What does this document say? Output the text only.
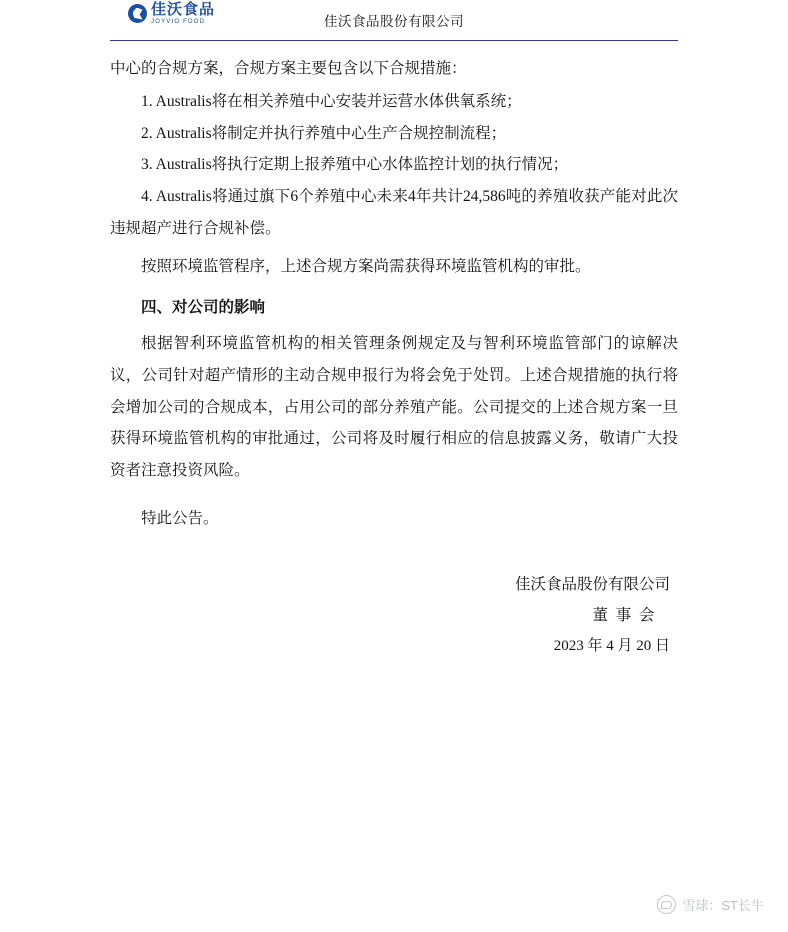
佳沃食品
JOYVIO FOOD	佳沃食品股份有限公司

中心的合规方案，合规方案主要包含以下合规措施：

1. Australis将在相关养殖中心安装并运营水体供氧系统；

2. Australis将制定并执行养殖中心生产合规控制流程；

3. Australis将执行定期上报养殖中心水体监控计划的执行情况；

4. Australis将通过旗下6个养殖中心未来4年共计24,586吨的养殖收获产能对此次违规超产进行合规补偿。

按照环境监管程序，上述合规方案尚需获得环境监管机构的审批。

四、对公司的影响

根据智利环境监管机构的相关管理条例规定及与智利环境监管部门的谅解决议，公司针对超产情形的主动合规申报行为将会免于处罚。上述合规措施的执行将会增加公司的合规成本，占用公司的部分养殖产能。公司提交的上述合规方案一旦获得环境监管机构的审批通过，公司将及时履行相应的信息披露义务，敬请广大投资者注意投资风险。

特此公告。

佳沃食品股份有限公司
董事会
2023 年 4 月 20 日
雪球：ST长牛
